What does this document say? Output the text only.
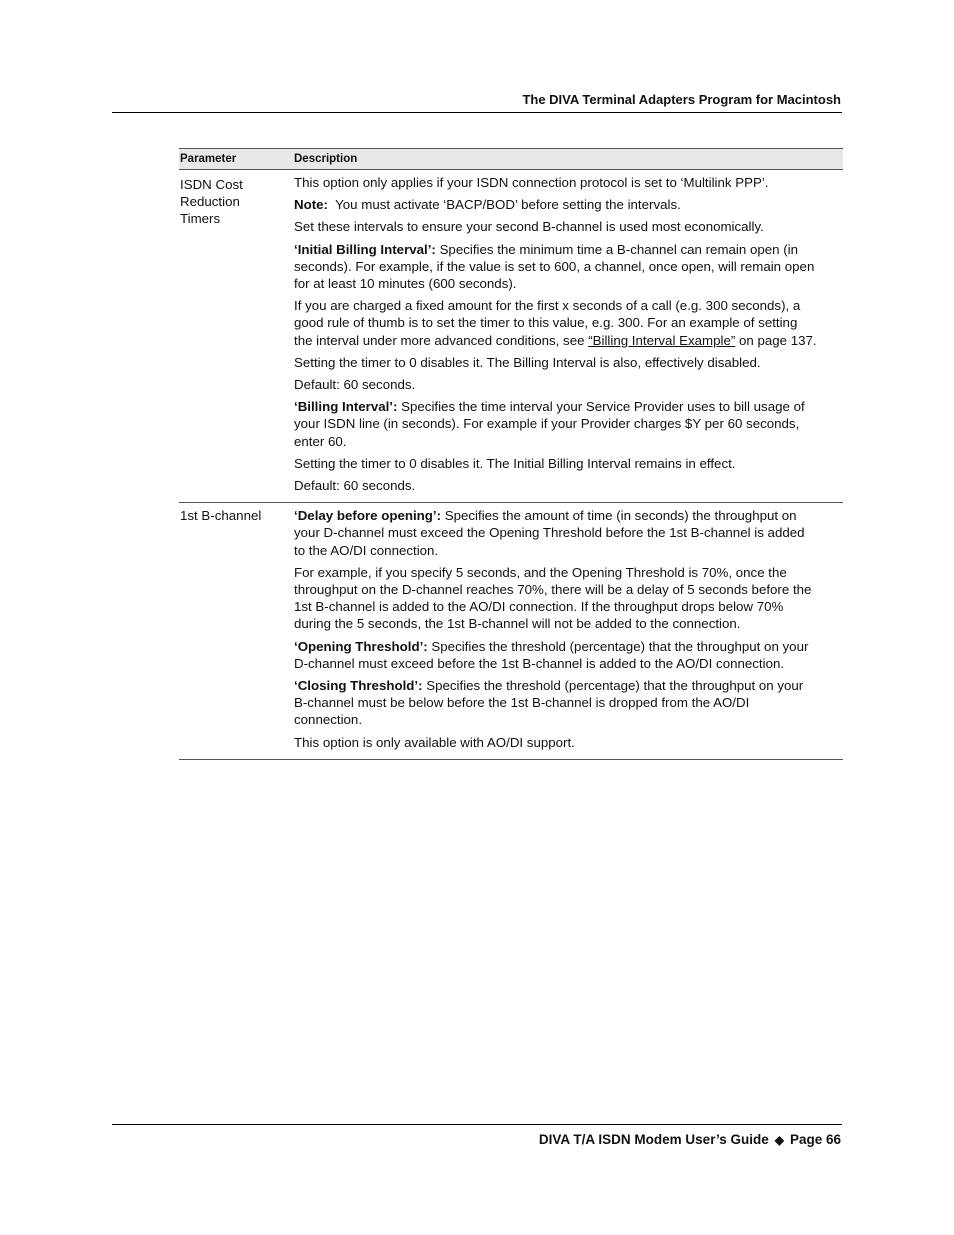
The DIVA Terminal Adapters Program for Macintosh
Parameter	Description
ISDN Cost Reduction Timers

This option only applies if your ISDN connection protocol is set to ‘Multilink PPP’.

Note: You must activate ‘BACP/BOD’ before setting the intervals.

Set these intervals to ensure your second B-channel is used most economically.

‘Initial Billing Interval’: Specifies the minimum time a B-channel can remain open (in seconds). For example, if the value is set to 600, a channel, once open, will remain open for at least 10 minutes (600 seconds).

If you are charged a fixed amount for the first x seconds of a call (e.g. 300 seconds), a good rule of thumb is to set the timer to this value, e.g. 300. For an example of setting the interval under more advanced conditions, see “Billing Interval Example” on page 137.

Setting the timer to 0 disables it. The Billing Interval is also, effectively disabled.

Default: 60 seconds.

‘Billing Interval’: Specifies the time interval your Service Provider uses to bill usage of your ISDN line (in seconds). For example if your Provider charges $Y per 60 seconds, enter 60.

Setting the timer to 0 disables it. The Initial Billing Interval remains in effect.

Default: 60 seconds.

1st B-channel	‘Delay before opening’: Specifies the amount of time (in seconds) the throughput on your D-channel must exceed the Opening Threshold before the 1st B-channel is added to the AO/DI connection.

For example, if you specify 5 seconds, and the Opening Threshold is 70%, once the throughput on the D-channel reaches 70%, there will be a delay of 5 seconds before the 1st B-channel is added to the AO/DI connection. If the throughput drops below 70% during the 5 seconds, the 1st B-channel will not be added to the connection.

‘Opening Threshold’: Specifies the threshold (percentage) that the throughput on your D-channel must exceed before the 1st B-channel is added to the AO/DI connection.

‘Closing Threshold’: Specifies the threshold (percentage) that the throughput on your B-channel must be below before the 1st B-channel is dropped from the AO/DI connection.

This option is only available with AO/DI support.

DIVA T/A ISDN Modem User’s Guide ◆ Page 66
